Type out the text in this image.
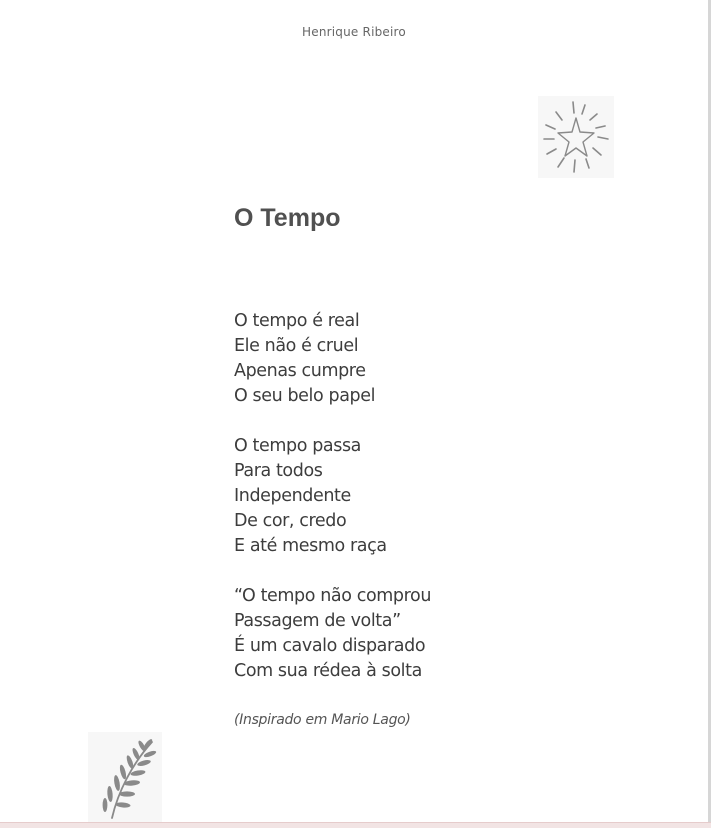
Henrique Ribeiro
O Tempo
O tempo é real
Ele não é cruel
Apenas cumpre
O seu belo papel
O tempo passa
Para todos
Independente
De cor, credo
E até mesmo raça
“O tempo não comprou
Passagem de volta”
É um cavalo disparado
Com sua rédea à solta
(Inspirado em Mario Lago)
